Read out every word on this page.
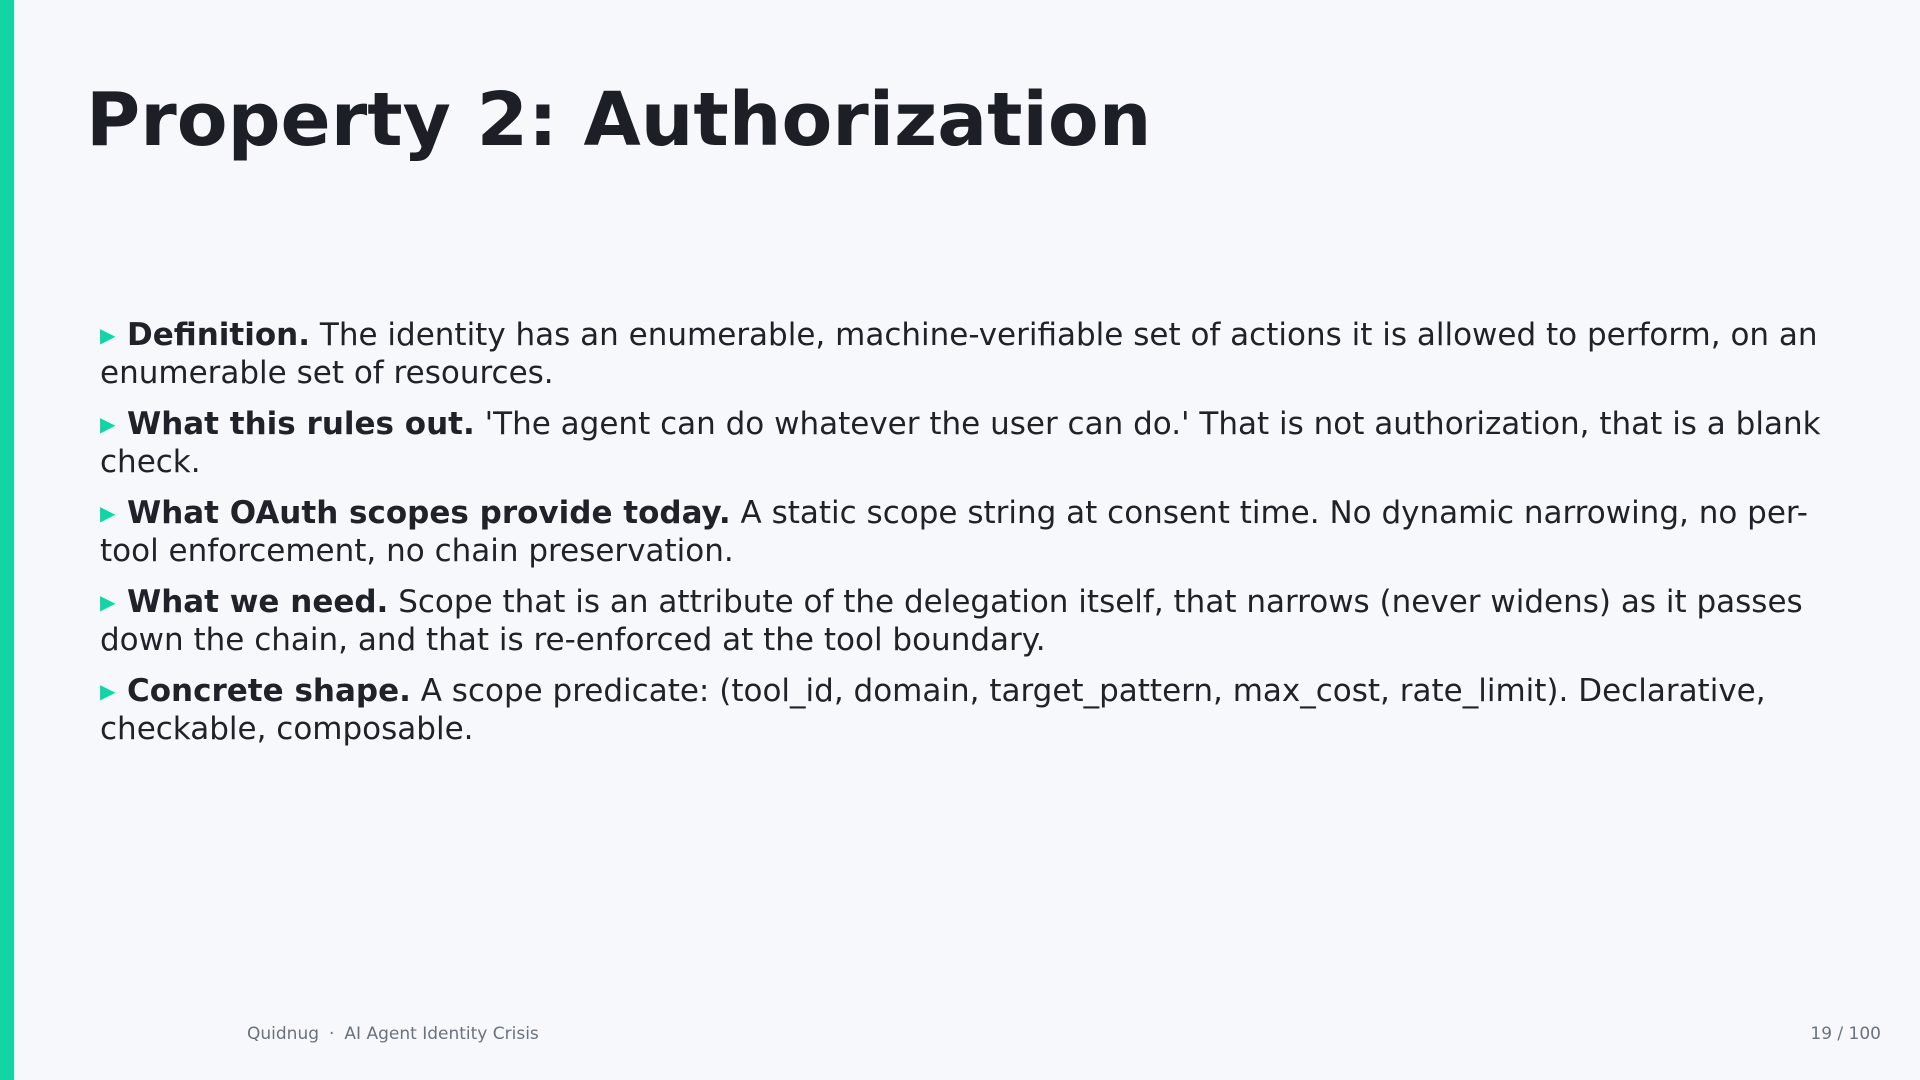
Property 2: Authorization
▶ Definition. The identity has an enumerable, machine-verifiable set of actions it is allowed to perform, on an enumerable set of resources.
▶ What this rules out. 'The agent can do whatever the user can do.' That is not authorization, that is a blank check.
▶ What OAuth scopes provide today. A static scope string at consent time. No dynamic narrowing, no per-tool enforcement, no chain preservation.
▶ What we need. Scope that is an attribute of the delegation itself, that narrows (never widens) as it passes down the chain, and that is re-enforced at the tool boundary.
▶ Concrete shape. A scope predicate: (tool_id, domain, target_pattern, max_cost, rate_limit). Declarative, checkable, composable.
Quidnug · AI Agent Identity Crisis	19 / 100
